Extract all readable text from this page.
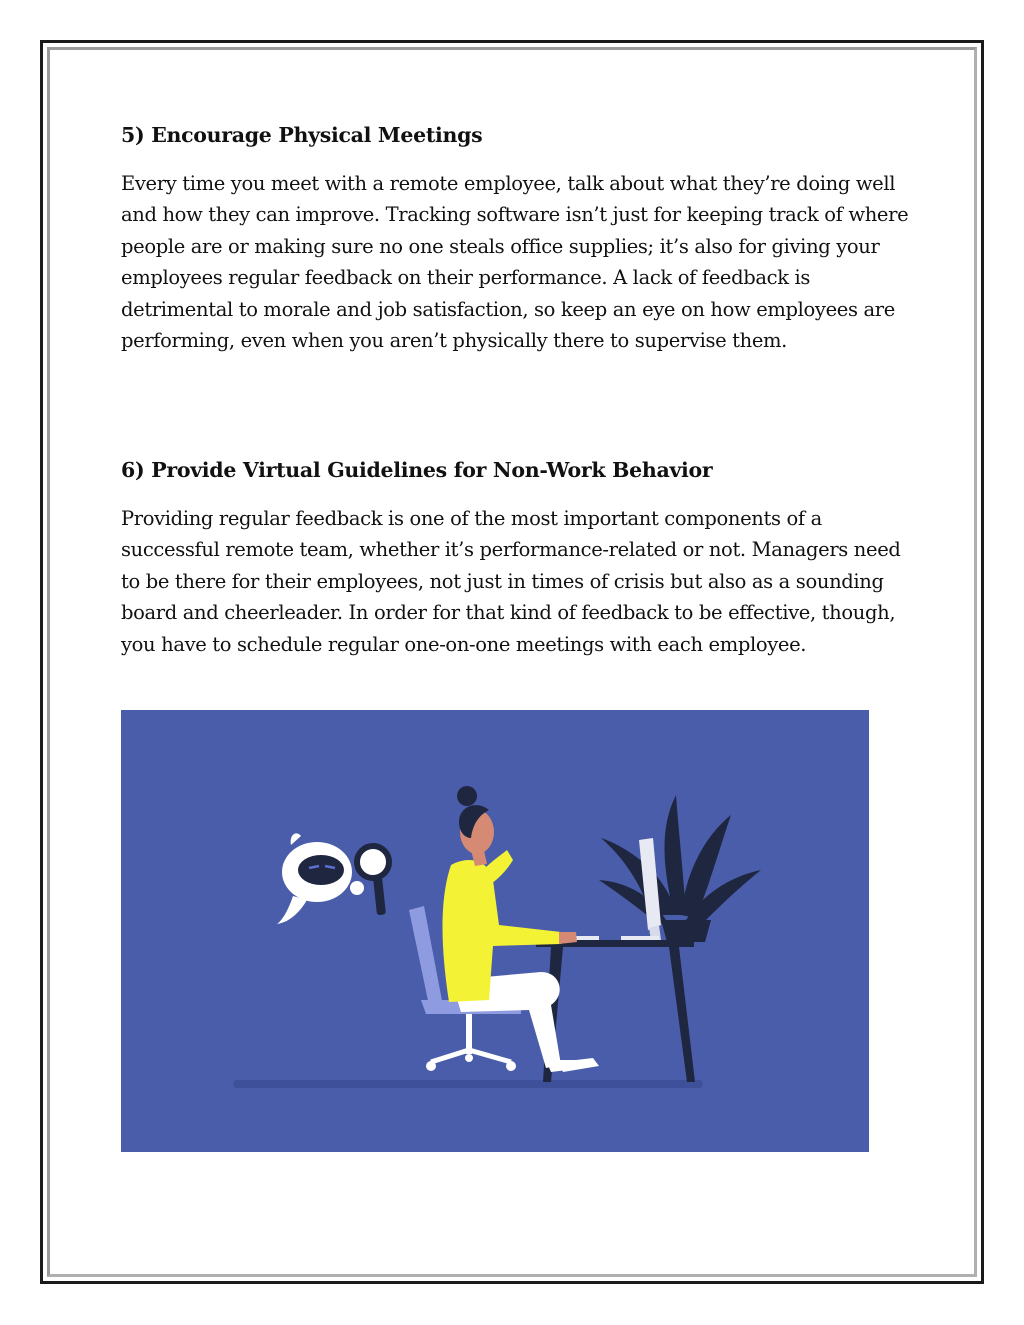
5) Encourage Physical Meetings

Every time you meet with a remote employee, talk about what they’re doing well and how they can improve. Tracking software isn’t just for keeping track of where people are or making sure no one steals office supplies; it’s also for giving your employees regular feedback on their performance. A lack of feedback is detrimental to morale and job satisfaction, so keep an eye on how employees are performing, even when you aren’t physically there to supervise them.

6) Provide Virtual Guidelines for Non-Work Behavior

Providing regular feedback is one of the most important components of a successful remote team, whether it’s performance-related or not. Managers need to be there for their employees, not just in times of crisis but also as a sounding board and cheerleader. In order for that kind of feedback to be effective, though, you have to schedule regular one-on-one meetings with each employee.
